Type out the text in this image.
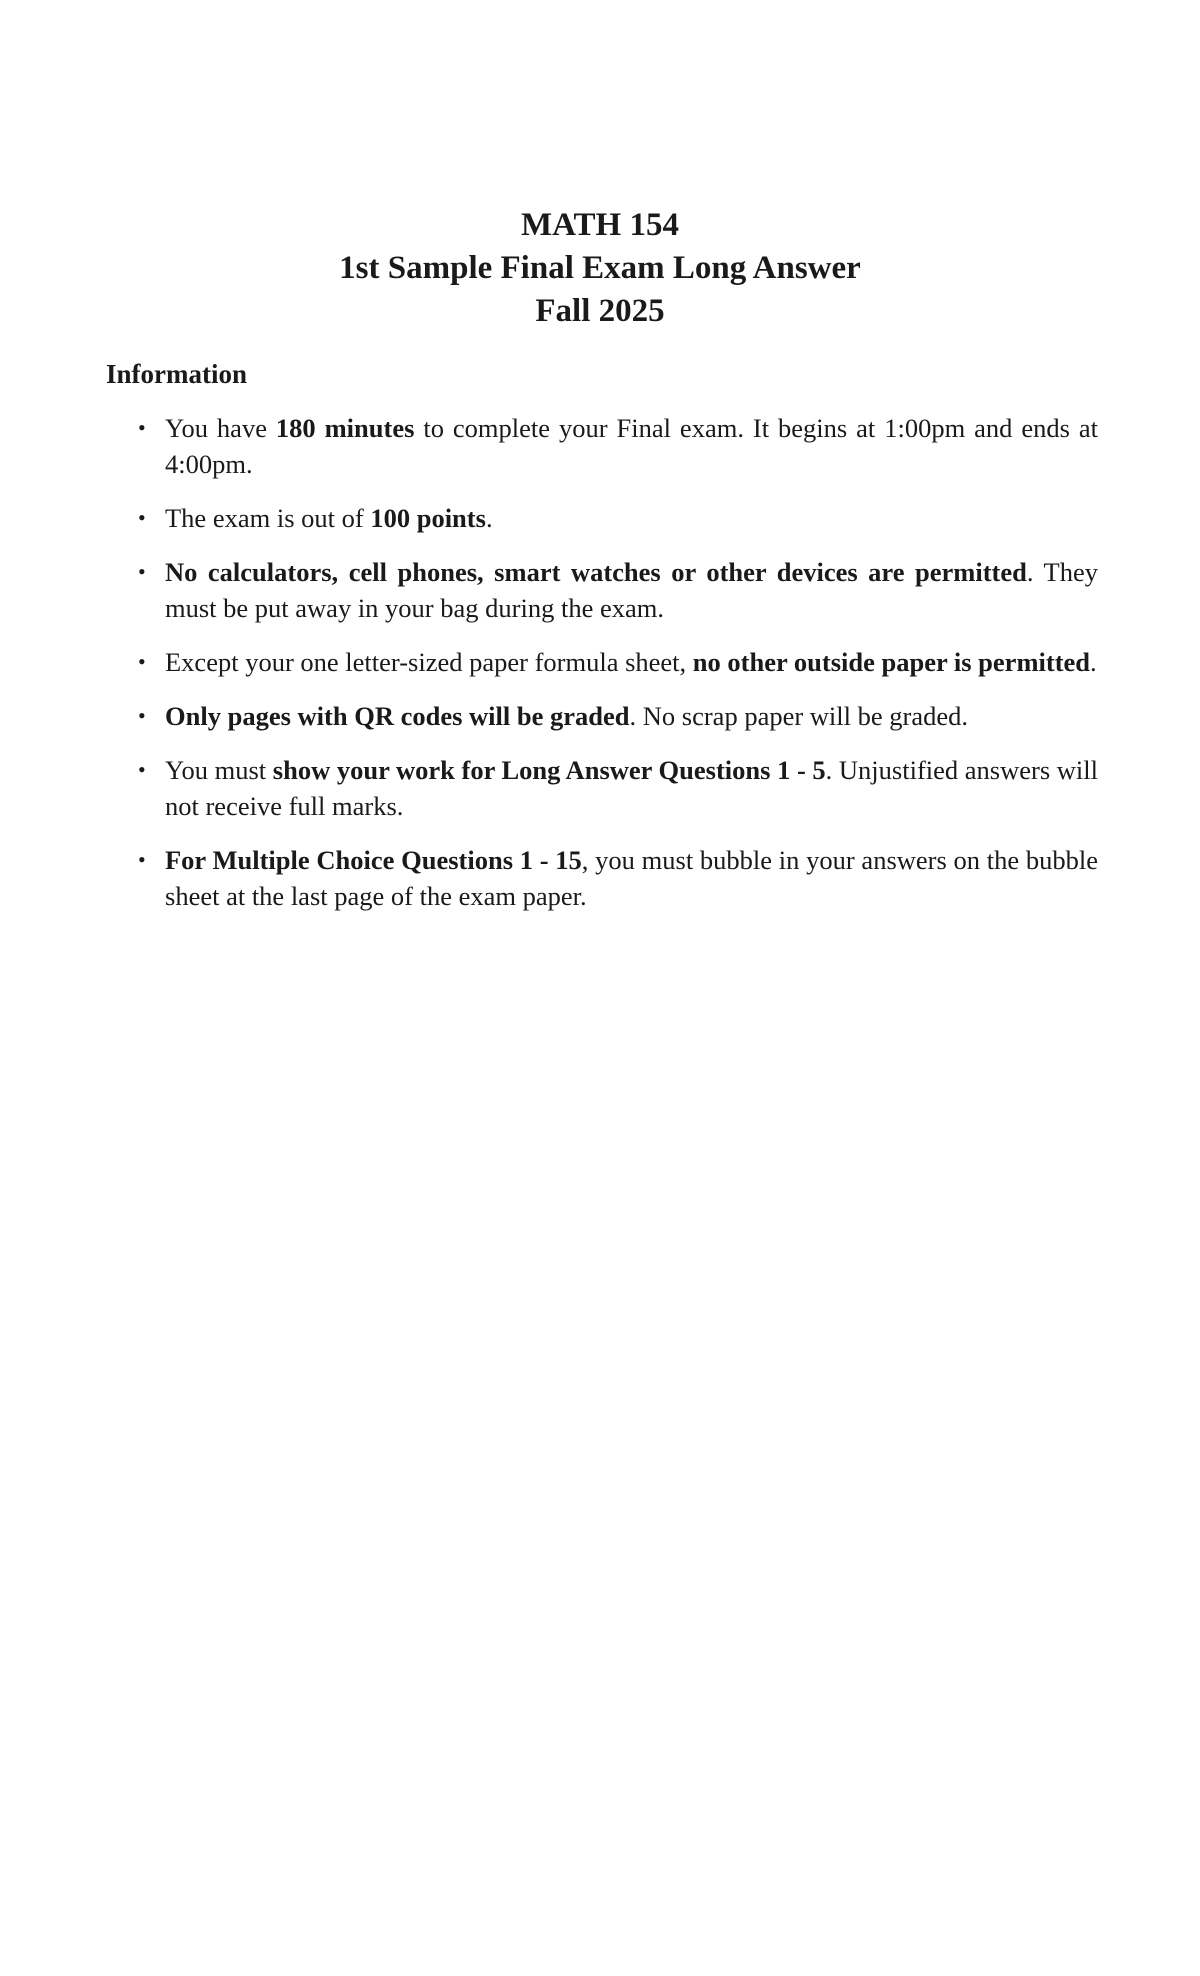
MATH 154
1st Sample Final Exam Long Answer
Fall 2025
Information
• You have 180 minutes to complete your Final exam. It begins at 1:00pm and ends at 4:00pm.
• The exam is out of 100 points.
• No calculators, cell phones, smart watches or other devices are permitted. They must be put away in your bag during the exam.
• Except your one letter-sized paper formula sheet, no other outside paper is permitted.
• Only pages with QR codes will be graded. No scrap paper will be graded.
• You must show your work for Long Answer Questions 1 - 5. Unjustified answers will not receive full marks.
• For Multiple Choice Questions 1 - 15, you must bubble in your answers on the bubble sheet at the last page of the exam paper.
